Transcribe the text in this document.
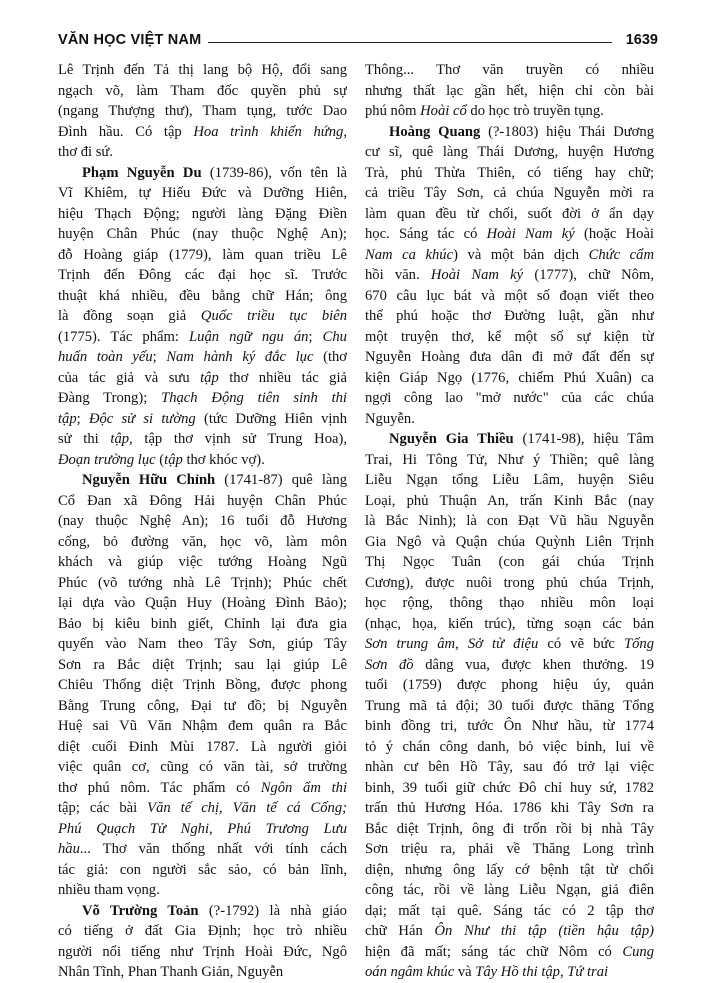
VĂN HỌC VIỆT NAM	1639
Lê Trịnh đến Tả thị lang bộ Hộ, đổi sang
ngạch võ, làm Tham đốc quyền phủ sự
(ngang Thượng thư), Tham tụng, tước Dao
Đình hầu. Có tập Hoa trình khiển hứng,
thơ đi sứ.
Phạm Nguyễn Du (1739-86), vốn tên là
Vĩ Khiêm, tự Hiếu Đức và Dưỡng Hiên,
hiệu Thạch Động; người làng Đặng Điền
huyện Chân Phúc (nay thuộc Nghệ An);
đỗ Hoàng giáp (1779), làm quan triều Lê
Trịnh đến Đông các đại học sĩ. Trước
thuật khá nhiều, đều bằng chữ Hán; ông
là đồng soạn giả Quốc triều tục biên
(1775). Tác phẩm: Luận ngữ ngu án; Chu
huấn toàn yếu; Nam hành ký đắc lục (thơ
của tác giả và sưu tập thơ nhiều tác giả
Đàng Trong); Thạch Động tiên sinh thi
tập; Độc sử si tường (tức Dưỡng Hiên vịnh
sử thi tập, tập thơ vịnh sử Trung Hoa),
Đoạn trường lục (tập thơ khóc vợ).
Nguyễn Hữu Chỉnh (1741-87) quê làng
Cổ Đan xã Đông Hải huyện Chân Phúc
(nay thuộc Nghệ An); 16 tuổi đỗ Hương
cống, bỏ đường văn, học võ, làm môn
khách và giúp việc tướng Hoàng Ngũ
Phúc (võ tướng nhà Lê Trịnh); Phúc chết
lại dựa vào Quận Huy (Hoàng Đình Bảo);
Bảo bị kiêu binh giết, Chỉnh lại đưa gia
quyến vào Nam theo Tây Sơn, giúp Tây
Sơn ra Bắc diệt Trịnh; sau lại giúp Lê
Chiêu Thống diệt Trịnh Bồng, được phong
Bằng Trung công, Đại tư đồ; bị Nguyễn
Huệ sai Vũ Văn Nhậm đem quân ra Bắc
diệt cuối Đinh Mùi 1787. Là người giỏi
việc quân cơ, cũng có văn tài, sở trường
thơ phú nôm. Tác phẩm có Ngôn ẩm thi
tập; các bài Văn tế chị, Văn tế cá Cống;
Phú Quạch Tử Nghi, Phú Trương Lưu
hầu... Thơ văn thống nhất với tính cách
tác giả: con người sắc sảo, có bản lĩnh,
nhiều tham vọng.
Võ Trường Toản (?-1792) là nhà giáo
có tiếng ở đất Gia Định; học trò nhiều
người nổi tiếng như Trịnh Hoài Đức, Ngô
Nhân Tĩnh, Phan Thanh Giản, Nguyễn
Thông... Thơ văn truyền có nhiều
nhưng thất lạc gần hết, hiện chỉ còn bài
phú nôm Hoài cổ do học trò truyền tụng.
Hoàng Quang (?-1803) hiệu Thái Dương
cư sĩ, quê làng Thái Dương, huyện Hương
Trà, phủ Thừa Thiên, có tiếng hay chữ;
cả triều Tây Sơn, cả chúa Nguyễn mời ra
làm quan đều từ chối, suốt đời ở ẩn dạy
học. Sáng tác có Hoài Nam ký (hoặc Hoài
Nam ca khúc) và một bản dịch Chức cẩm
hồi văn. Hoài Nam ký (1777), chữ Nôm,
670 câu lục bát và một số đoạn viết theo
thể phú hoặc thơ Đường luật, gần như
một truyện thơ, kể một số sự kiện từ
Nguyễn Hoàng đưa dân đi mở đất đến sự
kiện Giáp Ngọ (1776, chiếm Phú Xuân) ca
ngợi công lao "mở nước" của các chúa
Nguyễn.
Nguyễn Gia Thiều (1741-98), hiệu Tâm
Trai, Hi Tông Tử, Như ý Thiền; quê làng
Liễu Ngạn tổng Liễu Lâm, huyện Siêu
Loại, phủ Thuận An, trấn Kinh Bắc (nay
là Bắc Ninh); là con Đạt Vũ hầu Nguyễn
Gia Ngô và Quận chúa Quỳnh Liên Trịnh
Thị Ngọc Tuân (con gái chúa Trịnh
Cương), được nuôi trong phủ chúa Trịnh,
học rộng, thông thạo nhiều môn loại
(nhạc, họa, kiến trúc), từng soạn các bản
Sơn trung âm, Sở từ điệu có vẽ bức Tống
Sơn đồ dâng vua, được khen thưởng. 19
tuổi (1759) được phong hiệu úy, quản
Trung mã tả đội; 30 tuổi được thăng Tổng
binh đồng tri, tước Ôn Như hầu, từ 1774
tỏ ý chán công danh, bỏ việc binh, lui về
nhàn cư bên Hồ Tây, sau đó trở lại việc
binh, 39 tuổi giữ chức Đô chỉ huy sứ, 1782
trấn thủ Hương Hóa. 1786 khi Tây Sơn ra
Bắc diệt Trịnh, ông đi trốn rồi bị nhà Tây
Sơn triệu ra, phải về Thăng Long trình
diện, nhưng ông lấy cớ bệnh tật từ chối
công tác, rồi về làng Liễu Ngạn, giả điên
dại; mất tại quê. Sáng tác có 2 tập thơ
chữ Hán Ôn Như thi tập (tiền hậu tập)
hiện đã mất; sáng tác chữ Nôm có Cung
oán ngâm khúc và Tây Hồ thi tập, Tứ trai
